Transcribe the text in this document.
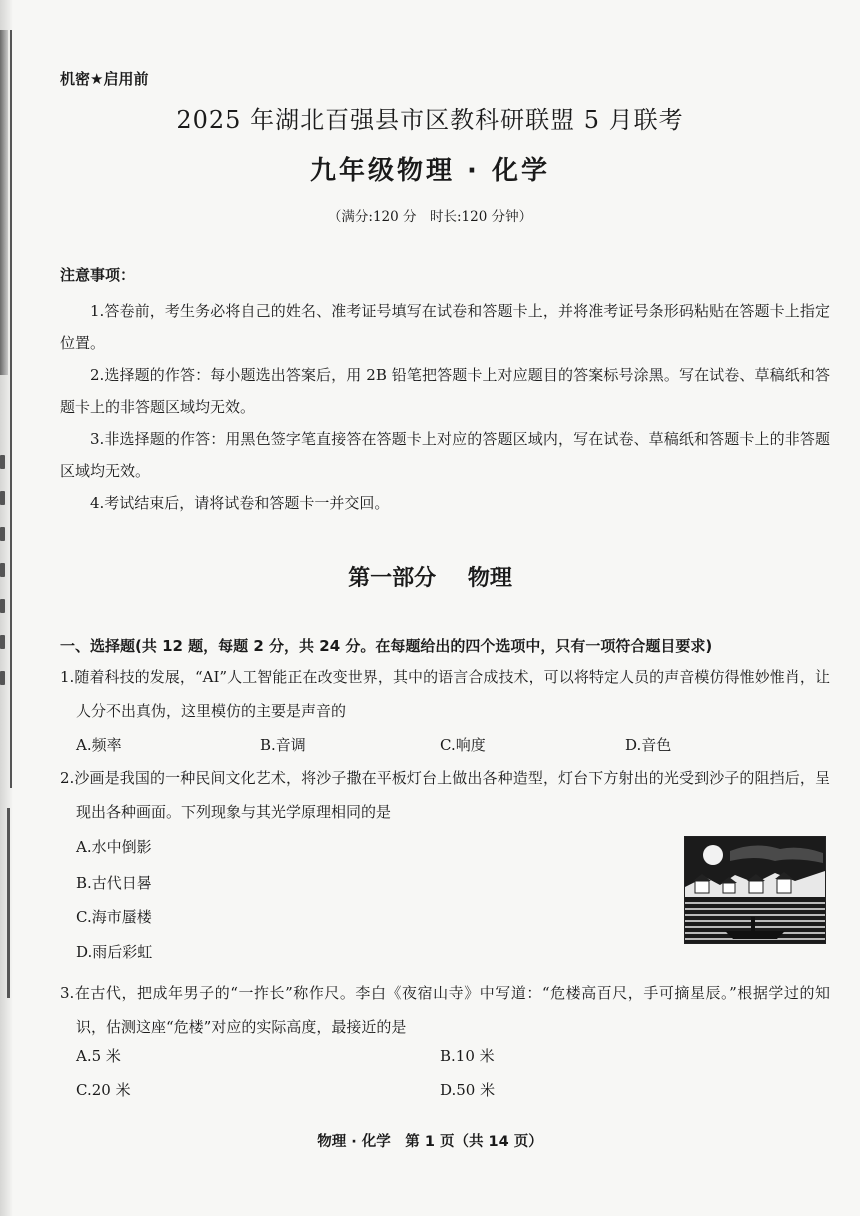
机密★启用前
2025 年湖北百强县市区教科研联盟 5 月联考
九年级物理 · 化学
（满分:120 分　时长:120 分钟）
注意事项：
1.答卷前，考生务必将自己的姓名、准考证号填写在试卷和答题卡上，并将准考证号条形码粘贴在答题卡上指定位置。
2.选择题的作答：每小题选出答案后，用 2B 铅笔把答题卡上对应题目的答案标号涂黑。写在试卷、草稿纸和答题卡上的非答题区域均无效。
3.非选择题的作答：用黑色签字笔直接答在答题卡上对应的答题区域内，写在试卷、草稿纸和答题卡上的非答题区域均无效。
4.考试结束后，请将试卷和答题卡一并交回。
第一部分 物理
一、选择题(共 12 题，每题 2 分，共 24 分。在每题给出的四个选项中，只有一项符合题目要求)
1.随着科技的发展，“AI”人工智能正在改变世界，其中的语言合成技术，可以将特定人员的声音模仿得惟妙惟肖，让人分不出真伪，这里模仿的主要是声音的
A.频率	B.音调	C.响度	D.音色
2.沙画是我国的一种民间文化艺术，将沙子撒在平板灯台上做出各种造型，灯台下方射出的光受到沙子的阻挡后，呈现出各种画面。下列现象与其光学原理相同的是
A.水中倒影
B.古代日晷
C.海市蜃楼
D.雨后彩虹
3.在古代，把成年男子的“一拃长”称作尺。李白《夜宿山寺》中写道：“危楼高百尺，手可摘星辰。”根据学过的知识，估测这座“危楼”对应的实际高度，最接近的是
A.5 米	B.10 米
C.20 米	D.50 米
物理 · 化学　第 1 页（共 14 页）
